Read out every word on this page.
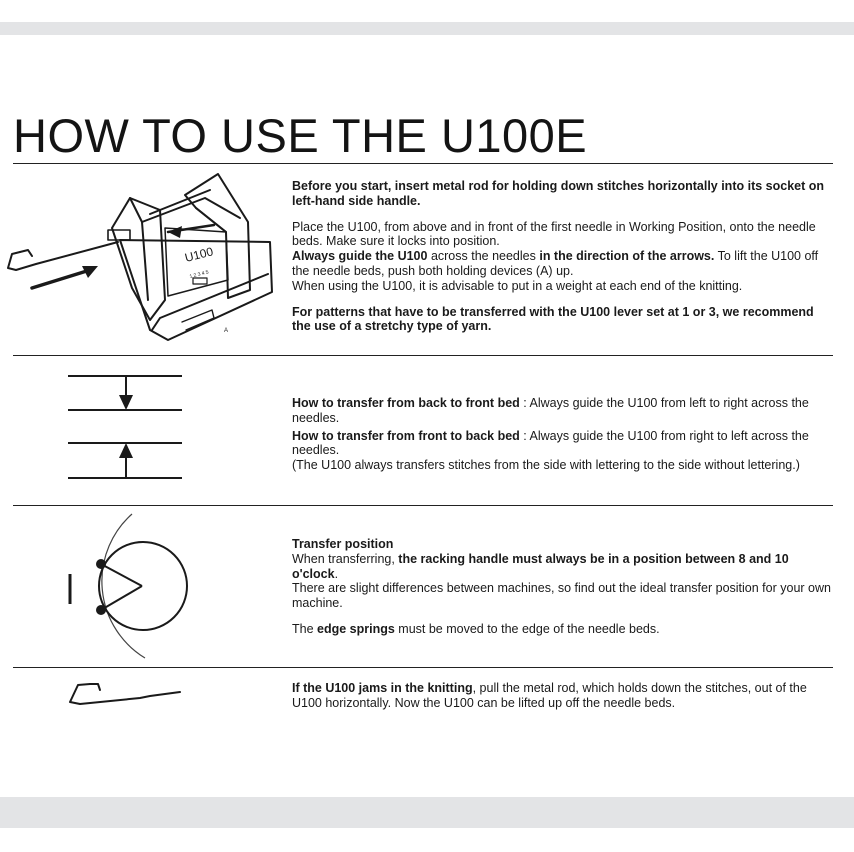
HOW TO USE THE U100E
U100
1 2 3 4 5
A

Before you start, insert metal rod for holding down stitches horizontally into its socket on left-hand side handle.

Place the U100, from above and in front of the first needle in Working Position, onto the needle beds. Make sure it locks into position.

Always guide the U100 across the needles in the direction of the arrows. To lift the U100 off the needle beds, push both holding devices (A) up.

When using the U100, it is advisable to put in a weight at each end of the knitting.

For patterns that have to be transferred with the U100 lever set at 1 or 3, we recommend the use of a stretchy type of yarn.

How to transfer from back to front bed : Always guide the U100 from left to right across the needles.

How to transfer from front to back bed : Always guide the U100 from right to left across the needles.

(The U100 always transfers stitches from the side with lettering to the side without lettering.)

Transfer position

When transferring, the racking handle must always be in a position between 8 and 10 o'clock.

There are slight differences between machines, so find out the ideal transfer position for your own machine.

The edge springs must be moved to the edge of the needle beds.

If the U100 jams in the knitting, pull the metal rod, which holds down the stitches, out of the U100 horizontally. Now the U100 can be lifted up off the needle beds.
